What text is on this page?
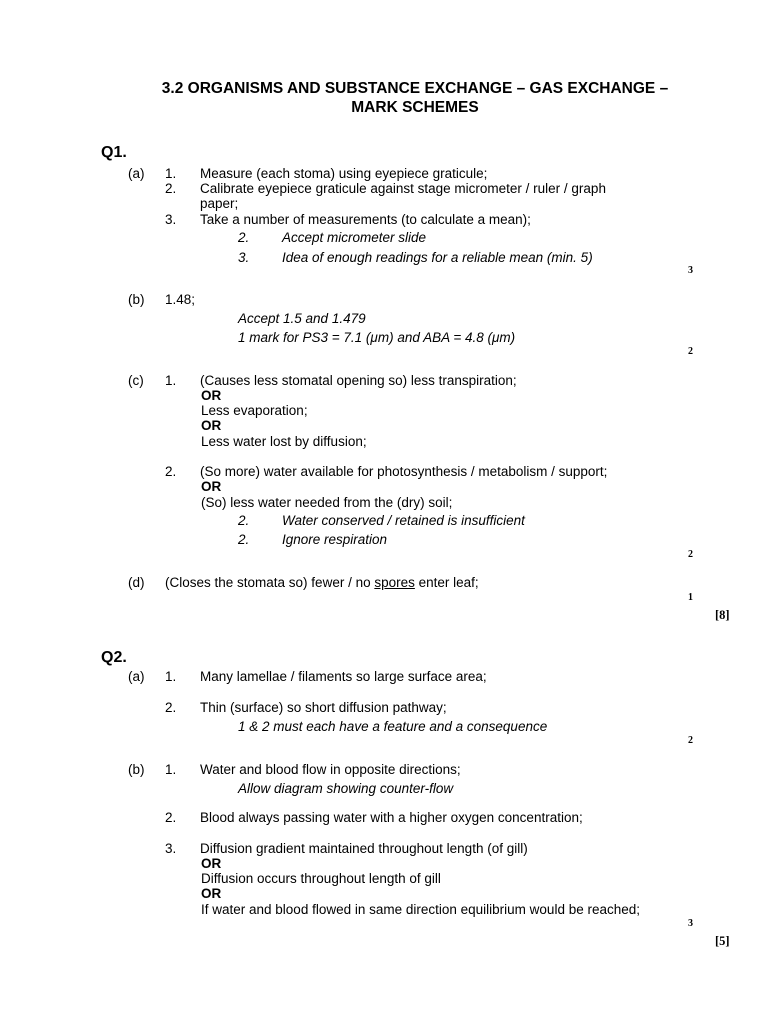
3.2 ORGANISMS AND SUBSTANCE EXCHANGE – GAS EXCHANGE –
MARK SCHEMES
Q1.
(a) 1. Measure (each stoma) using eyepiece graticule;
2. Calibrate eyepiece graticule against stage micrometer / ruler / graph
paper;
3. Take a number of measurements (to calculate a mean);
2. Accept micrometer slide
3. Idea of enough readings for a reliable mean (min. 5)
3
(b) 1.48;
Accept 1.5 and 1.479
1 mark for PS3 = 7.1 (μm) and ABA = 4.8 (μm)
2
(c) 1. (Causes less stomatal opening so) less transpiration;
OR
Less evaporation;
OR
Less water lost by diffusion;
2. (So more) water available for photosynthesis / metabolism / support;
OR
(So) less water needed from the (dry) soil;
2. Water conserved / retained is insufficient
2. Ignore respiration
2
(d) (Closes the stomata so) fewer / no spores enter leaf;
1
[8]
Q2.
(a) 1. Many lamellae / filaments so large surface area;
2. Thin (surface) so short diffusion pathway;
1 & 2 must each have a feature and a consequence
2
(b) 1. Water and blood flow in opposite directions;
Allow diagram showing counter-flow
2. Blood always passing water with a higher oxygen concentration;
3. Diffusion gradient maintained throughout length (of gill)
OR
Diffusion occurs throughout length of gill
OR
If water and blood flowed in same direction equilibrium would be reached;
3
[5]
